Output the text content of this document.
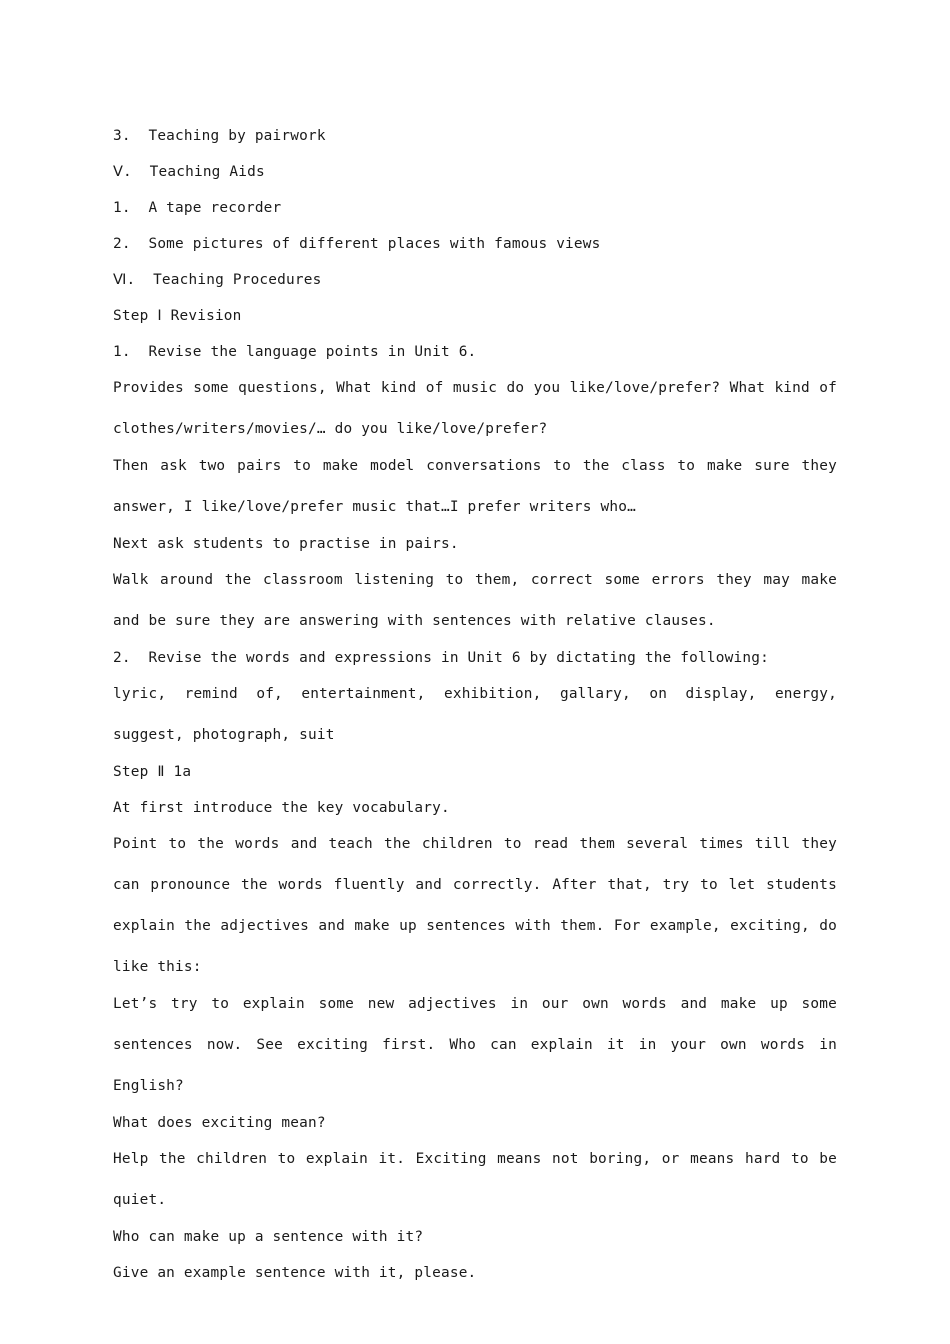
3.  Teaching by pairwork

Ⅴ.  Teaching Aids

1.  A tape recorder

2.  Some pictures of different places with famous views

Ⅵ.  Teaching Procedures

Step Ⅰ Revision

1.  Revise the language points in Unit 6.

Provides some questions, What kind of music do you like/love/prefer? What kind of clothes/writers/movies/… do you like/love/prefer?

Then ask two pairs to make model conversations to the class to make sure they answer, I like/love/prefer music that…I prefer writers who…

Next ask students to practise in pairs.

Walk around the classroom listening to them, correct some errors they may make and be sure they are answering with sentences with relative clauses.

2.  Revise the words and expressions in Unit 6 by dictating the following:

lyric, remind of, entertainment, exhibition, gallary, on display, energy, suggest, photograph, suit

Step Ⅱ 1a

At first introduce the key vocabulary.

Point to the words and teach the children to read them several times till they can pronounce the words fluently and correctly. After that, try to let students explain the adjectives and make up sentences with them. For example, exciting, do like this:

Let’s try to explain some new adjectives in our own words and make up some sentences now. See exciting first. Who can explain it in your own words in English?

What does exciting mean?

Help the children to explain it. Exciting means not boring, or means hard to be quiet.

Who can make up a sentence with it?

Give an example sentence with it, please.
